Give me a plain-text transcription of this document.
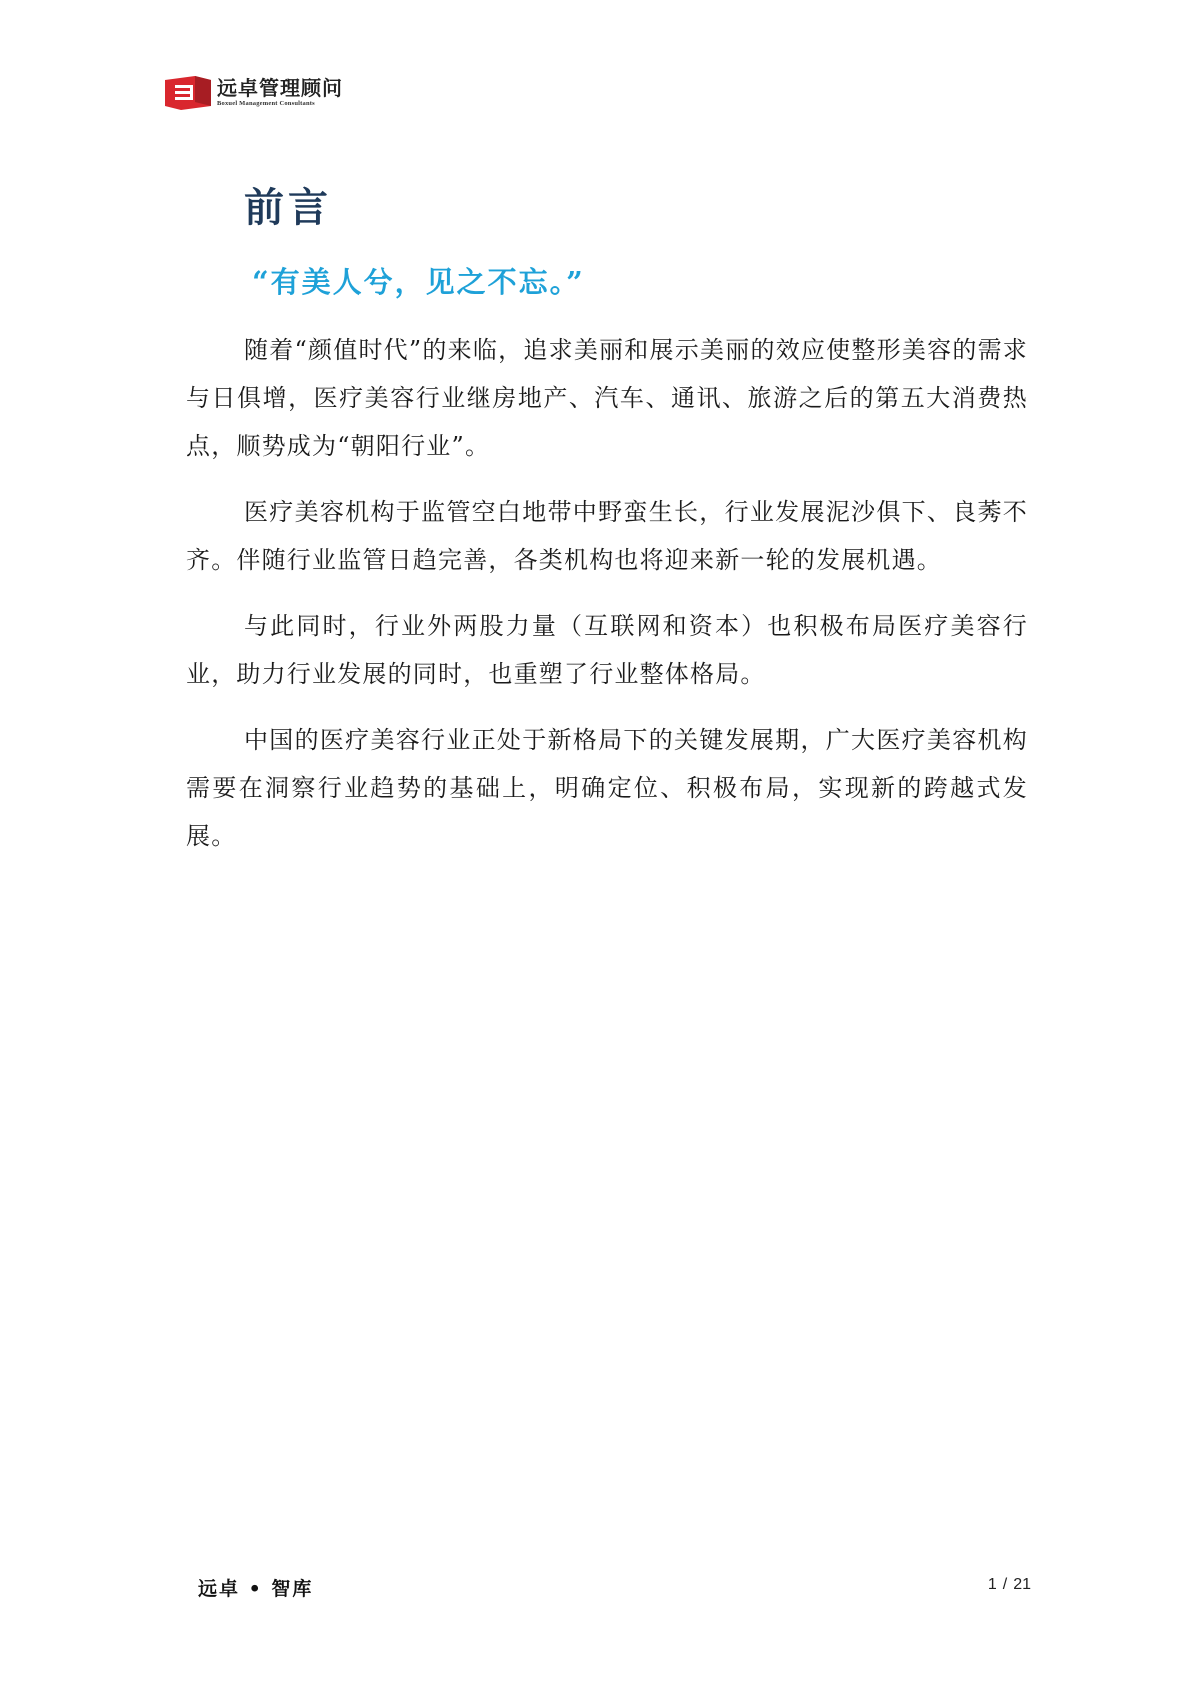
远卓管理顾问
Boxuel Management Consultants
前言
“有美人兮，见之不忘。”

随着“颜值时代”的来临，追求美丽和展示美丽的效应使整形美容的需求与日俱增，医疗美容行业继房地产、汽车、通讯、旅游之后的第五大消费热点，顺势成为“朝阳行业”。

医疗美容机构于监管空白地带中野蛮生长，行业发展泥沙俱下、良莠不齐。伴随行业监管日趋完善，各类机构也将迎来新一轮的发展机遇。

与此同时，行业外两股力量（互联网和资本）也积极布局医疗美容行业，助力行业发展的同时，也重塑了行业整体格局。

中国的医疗美容行业正处于新格局下的关键发展期，广大医疗美容机构需要在洞察行业趋势的基础上，明确定位、积极布局，实现新的跨越式发展。

远卓 • 智库	1 / 21
